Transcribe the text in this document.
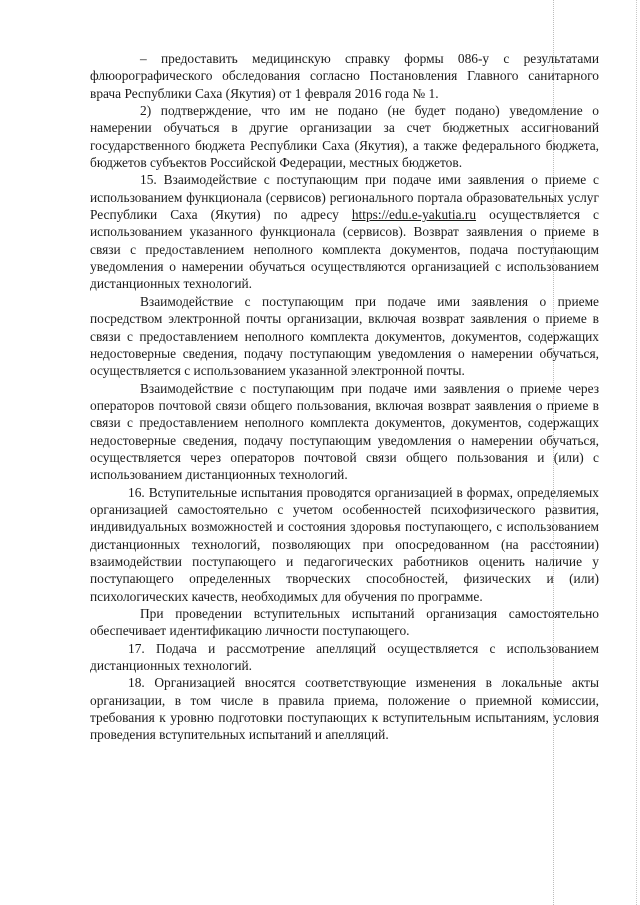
– предоставить медицинскую справку формы 086-у с результатами флюорографического обследования согласно Постановления Главного санитарного врача Республики Саха (Якутия) от 1 февраля 2016 года № 1.

2) подтверждение, что им не подано (не будет подано) уведомление о намерении обучаться в другие организации за счет бюджетных ассигнований государственного бюджета Республики Саха (Якутия), а также федерального бюджета, бюджетов субъектов Российской Федерации, местных бюджетов.

15. Взаимодействие с поступающим при подаче ими заявления о приеме с использованием функционала (сервисов) регионального портала образовательных услуг Республики Саха (Якутия) по адресу https://edu.e-yakutia.ru осуществляется с использованием указанного функционала (сервисов). Возврат заявления о приеме в связи с предоставлением неполного комплекта документов, подача поступающим уведомления о намерении обучаться осуществляются организацией с использованием дистанционных технологий.

Взаимодействие с поступающим при подаче ими заявления о приеме посредством электронной почты организации, включая возврат заявления о приеме в связи с предоставлением неполного комплекта документов, документов, содержащих недостоверные сведения, подачу поступающим уведомления о намерении обучаться, осуществляется с использованием указанной электронной почты.

Взаимодействие с поступающим при подаче ими заявления о приеме через операторов почтовой связи общего пользования, включая возврат заявления о приеме в связи с предоставлением неполного комплекта документов, документов, содержащих недостоверные сведения, подачу поступающим уведомления о намерении обучаться, осуществляется через операторов почтовой связи общего пользования и (или) с использованием дистанционных технологий.

16. Вступительные испытания проводятся организацией в формах, определяемых организацией самостоятельно с учетом особенностей психофизического развития, индивидуальных возможностей и состояния здоровья поступающего, с использованием дистанционных технологий, позволяющих при опосредованном (на расстоянии) взаимодействии поступающего и педагогических работников оценить наличие у поступающего определенных творческих способностей, физических и (или) психологических качеств, необходимых для обучения по программе.

При проведении вступительных испытаний организация самостоятельно обеспечивает идентификацию личности поступающего.

17. Подача и рассмотрение апелляций осуществляется с использованием дистанционных технологий.

18. Организацией вносятся соответствующие изменения в локальные акты организации, в том числе в правила приема, положение о приемной комиссии, требования к уровню подготовки поступающих к вступительным испытаниям, условия проведения вступительных испытаний и апелляций.
